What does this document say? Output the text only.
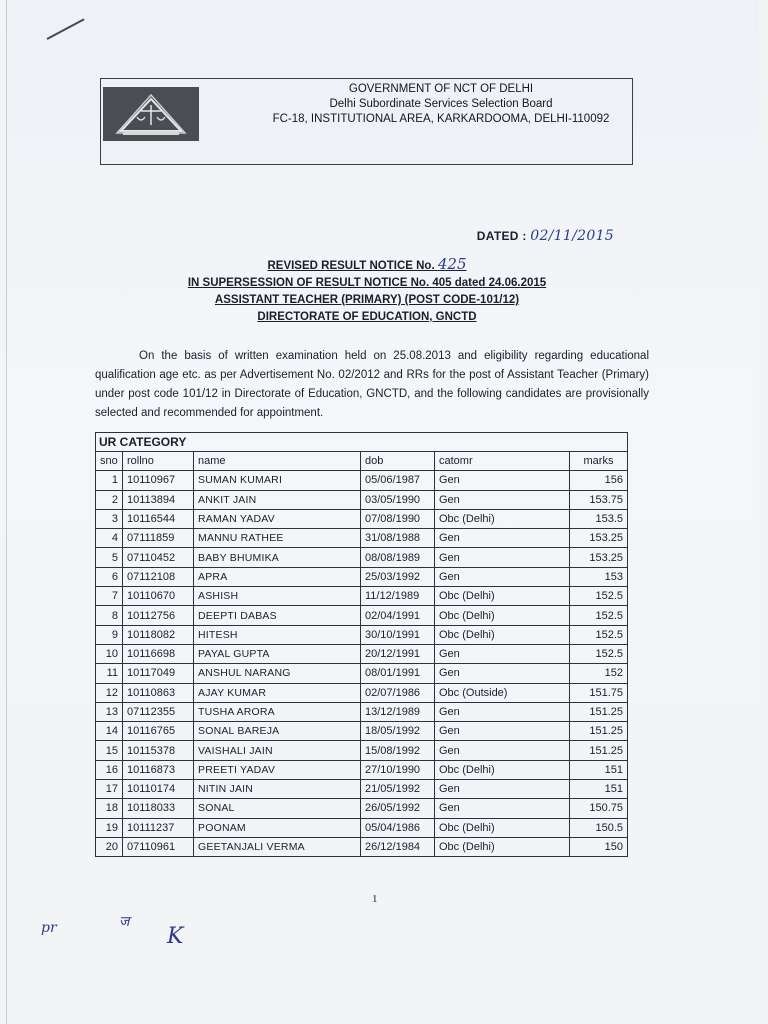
GOVERNMENT OF NCT OF DELHI
Delhi Subordinate Services Selection Board
FC-18, INSTITUTIONAL AREA, KARKARDOOMA, DELHI-110092
DATED : 02/11/2015
REVISED RESULT NOTICE No. 425
IN SUPERSESSION OF RESULT NOTICE No. 405 dated 24.06.2015
ASSISTANT TEACHER (PRIMARY) (POST CODE-101/12)
DIRECTORATE OF EDUCATION, GNCTD
On the basis of written examination held on 25.08.2013 and eligibility regarding educational qualification age etc. as per Advertisement No. 02/2012 and RRs for the post of Assistant Teacher (Primary) under post code 101/12 in Directorate of Education, GNCTD, and the following candidates are provisionally selected and recommended for appointment.
UR CATEGORY
sno	rollno	name	dob	catomr	marks
1	10110967	SUMAN KUMARI	05/06/1987	Gen	156
2	10113894	ANKIT JAIN	03/05/1990	Gen	153.75
3	10116544	RAMAN YADAV	07/08/1990	Obc (Delhi)	153.5
4	07111859	MANNU RATHEE	31/08/1988	Gen	153.25
5	07110452	BABY BHUMIKA	08/08/1989	Gen	153.25
6	07112108	APRA	25/03/1992	Gen	153
7	10110670	ASHISH	11/12/1989	Obc (Delhi)	152.5
8	10112756	DEEPTI DABAS	02/04/1991	Obc (Delhi)	152.5
9	10118082	HITESH	30/10/1991	Obc (Delhi)	152.5
10	10116698	PAYAL GUPTA	20/12/1991	Gen	152.5
11	10117049	ANSHUL NARANG	08/01/1991	Gen	152
12	10110863	AJAY KUMAR	02/07/1986	Obc (Outside)	151.75
13	07112355	TUSHA ARORA	13/12/1989	Gen	151.25
14	10116765	SONAL BAREJA	18/05/1992	Gen	151.25
15	10115378	VAISHALI JAIN	15/08/1992	Gen	151.25
16	10116873	PREETI YADAV	27/10/1990	Obc (Delhi)	151
17	10110174	NITIN JAIN	21/05/1992	Gen	151
18	10118033	SONAL	26/05/1992	Gen	150.75
19	10111237	POONAM	05/04/1986	Obc (Delhi)	150.5
20	07110961	GEETANJALI VERMA	26/12/1984	Obc (Delhi)	150
1
pr	ज
K
